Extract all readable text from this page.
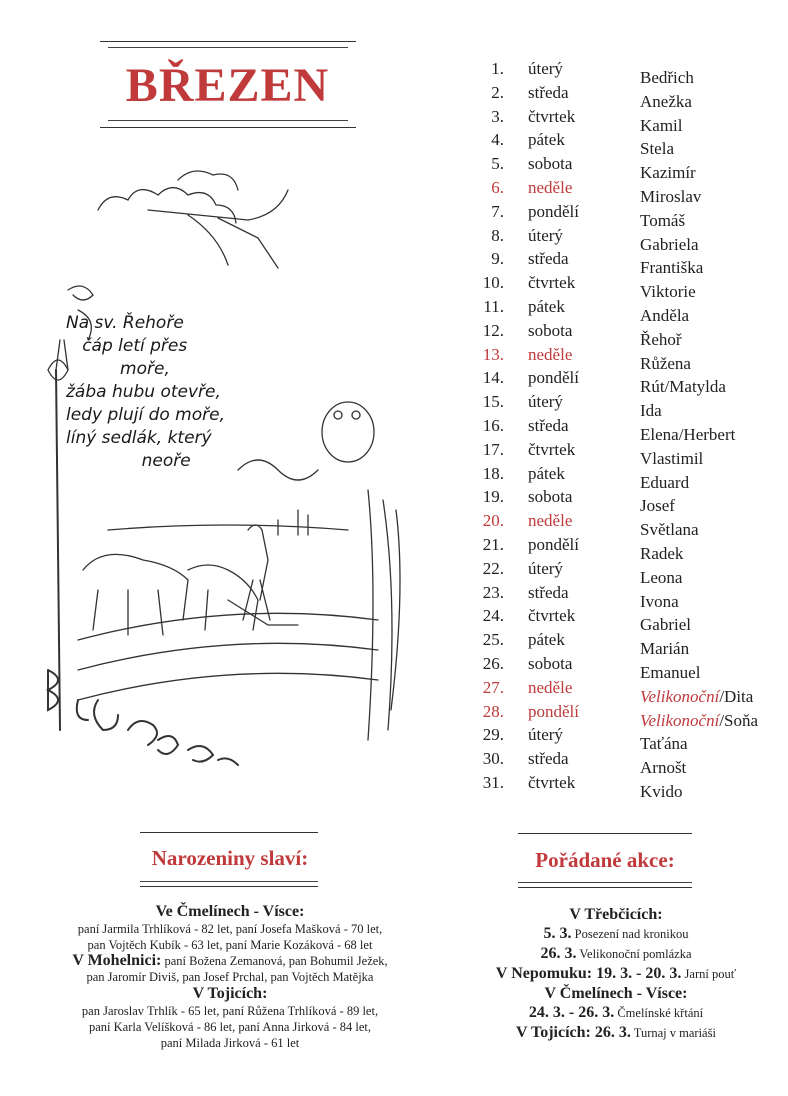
BŘEZEN
Na sv. Řehoře
čáp letí přes
moře,
žába hubu otevře,
ledy plují do moře,
líný sedlák, který
neoře
1. úterý	Bedřich
2. středa	Anežka
3. čtvrtek	Kamil
4. pátek	Stela
5. sobota	Kazimír
6. neděle	Miroslav
7. pondělí	Tomáš
8. úterý	Gabriela
9. středa	Františka
10. čtvrtek	Viktorie
11. pátek	Anděla
12. sobota	Řehoř
13. neděle	Růžena
14. pondělí	Rút/Matylda
15. úterý	Ida
16. středa	Elena/Herbert
17. čtvrtek	Vlastimil
18. pátek	Eduard
19. sobota	Josef
20. neděle	Světlana
21. pondělí	Radek
22. úterý	Leona
23. středa	Ivona
24. čtvrtek	Gabriel
25. pátek	Marián
26. sobota	Emanuel
27. neděle	Velikonoční/Dita
28. pondělí	Velikonoční/Soňa
29. úterý	Taťána
30. středa	Arnošt
31. čtvrtek	Kvido
Narozeniny slaví:
Ve Čmelínech - Vísce:
paní Jarmila Trhlíková - 82 let, paní Josefa Mašková - 70 let,
pan Vojtěch Kubík - 63 let, paní Marie Kozáková - 68 let
V Mohelnici: paní Božena Zemanová, pan Bohumil Ježek,
pan Jaromír Diviš, pan Josef Prchal, pan Vojtěch Matějka
V Tojicích:
pan Jaroslav Trhlík - 65 let, paní Růžena Trhlíková - 89 let,
paní Karla Velíšková - 86 let, paní Anna Jirková - 84 let,
paní Milada Jirková - 61 let
Pořádané akce:
V Třebčicích:
5. 3. Posezení nad kronikou
26. 3. Velikonoční pomlázka
V Nepomuku: 19. 3. - 20. 3. Jarní pouť
V Čmelínech - Vísce:
24. 3. - 26. 3. Čmelínské křtání
V Tojicích: 26. 3. Turnaj v mariáši
